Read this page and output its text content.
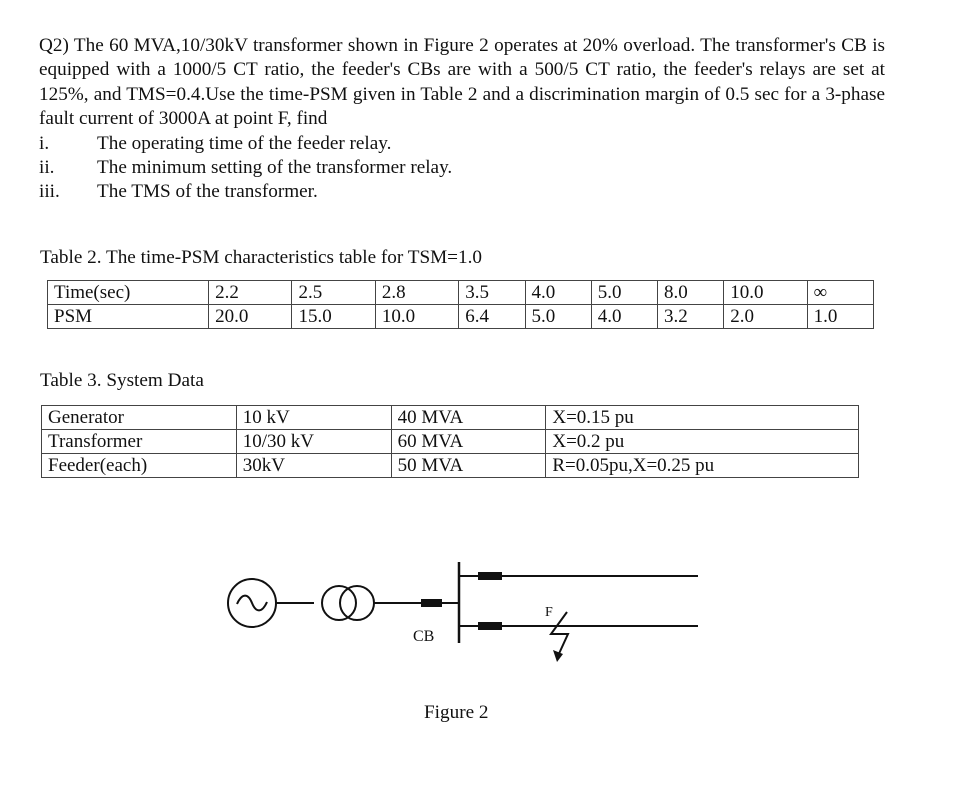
Q2) The 60 MVA,10/30kV transformer shown in Figure 2 operates at 20% overload. The transformer's CB is equipped with a 1000/5 CT ratio, the feeder's CBs are with a 500/5 CT ratio, the feeder's relays are set at 125%, and TMS=0.4.Use the time-PSM given in Table 2 and a discrimination margin of 0.5 sec for a 3-phase fault current of 3000A at point F, find

i.	The operating time of the feeder relay.
ii.	The minimum setting of the transformer relay.
iii.	The TMS of the transformer.
Table 2. The time-PSM characteristics table for TSM=1.0
Time(sec)	2.2	2.5	2.8	3.5	4.0	5.0	8.0	10.0	∞
PSM	20.0	15.0	10.0	6.4	5.0	4.0	3.2	2.0	1.0
Table 3. System Data
Generator	10 kV	40 MVA	X=0.15 pu
Transformer	10/30 kV	60 MVA	X=0.2 pu
Feeder(each)	30kV	50 MVA	R=0.05pu,X=0.25 pu
CB
F
Figure 2
